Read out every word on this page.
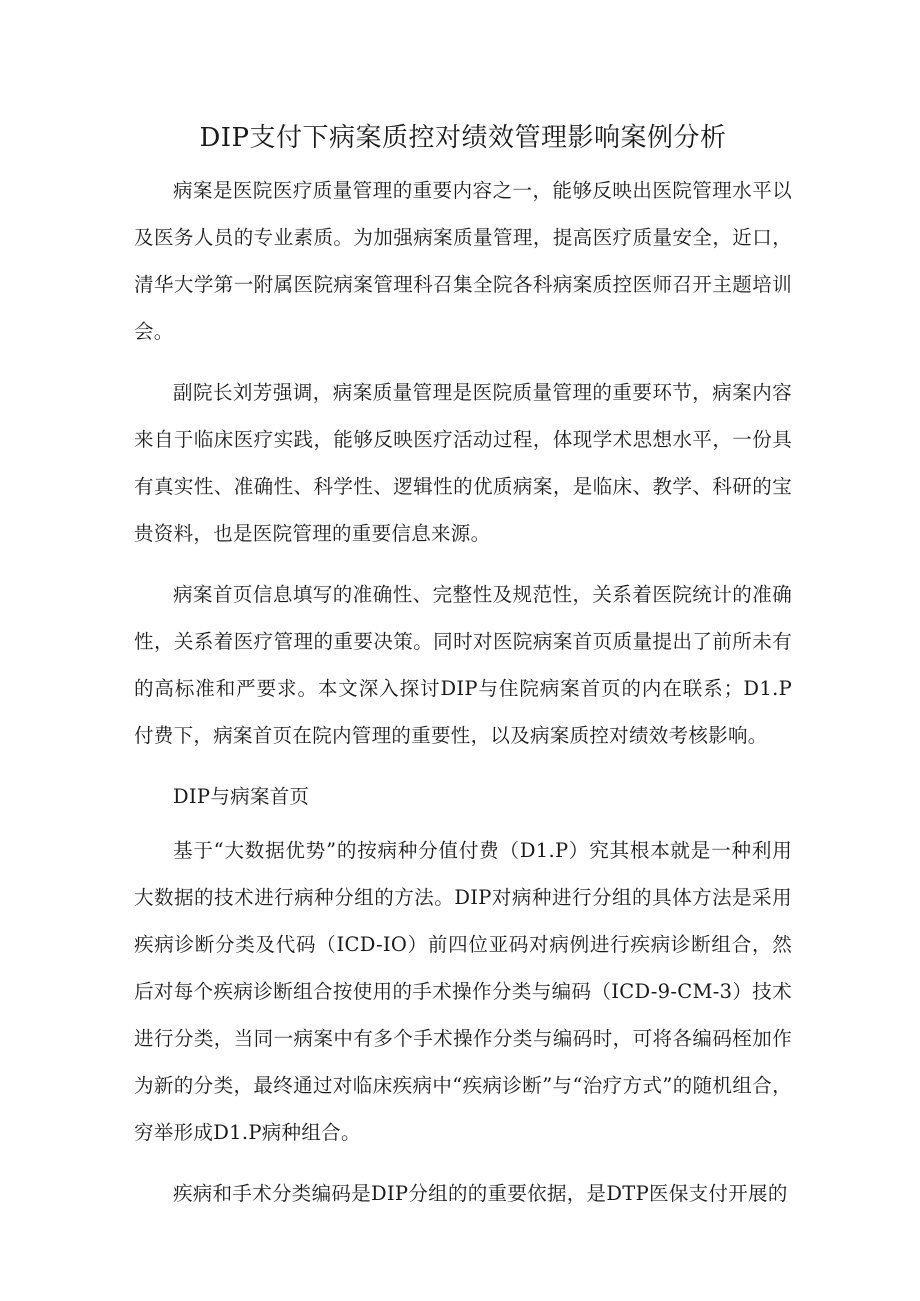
DIP支付下病案质控对绩效管理影响案例分析

病案是医院医疗质量管理的重要内容之一，能够反映出医院管理水平以及医务人员的专业素质。为加强病案质量管理，提高医疗质量安全，近口，清华大学第一附属医院病案管理科召集全院各科病案质控医师召开主题培训会。

副院长刘芳强调，病案质量管理是医院质量管理的重要环节，病案内容来自于临床医疗实践，能够反映医疗活动过程，体现学术思想水平，一份具有真实性、准确性、科学性、逻辑性的优质病案，是临床、教学、科研的宝贵资料，也是医院管理的重要信息来源。

病案首页信息填写的准确性、完整性及规范性，关系着医院统计的准确性，关系着医疗管理的重要决策。同时对医院病案首页质量提出了前所未有的高标准和严要求。本文深入探讨DIP与住院病案首页的内在联系；D1.P付费下，病案首页在院内管理的重要性，以及病案质控对绩效考核影响。

DIP与病案首页

基于“大数据优势”的按病种分值付费（D1.P）究其根本就是一种利用大数据的技术进行病种分组的方法。DIP对病种进行分组的具体方法是采用疾病诊断分类及代码（ICD-IO）前四位亚码对病例进行疾病诊断组合，然后对每个疾病诊断组合按使用的手术操作分类与编码（ICD-9-CM-3）技术进行分类，当同一病案中有多个手术操作分类与编码时，可将各编码桎加作为新的分类，最终通过对临床疾病中“疾病诊断”与“治疗方式”的随机组合，穷举形成D1.P病种组合。

疾病和手术分类编码是DIP分组的的重要依据，是DTP医保支付开展的
